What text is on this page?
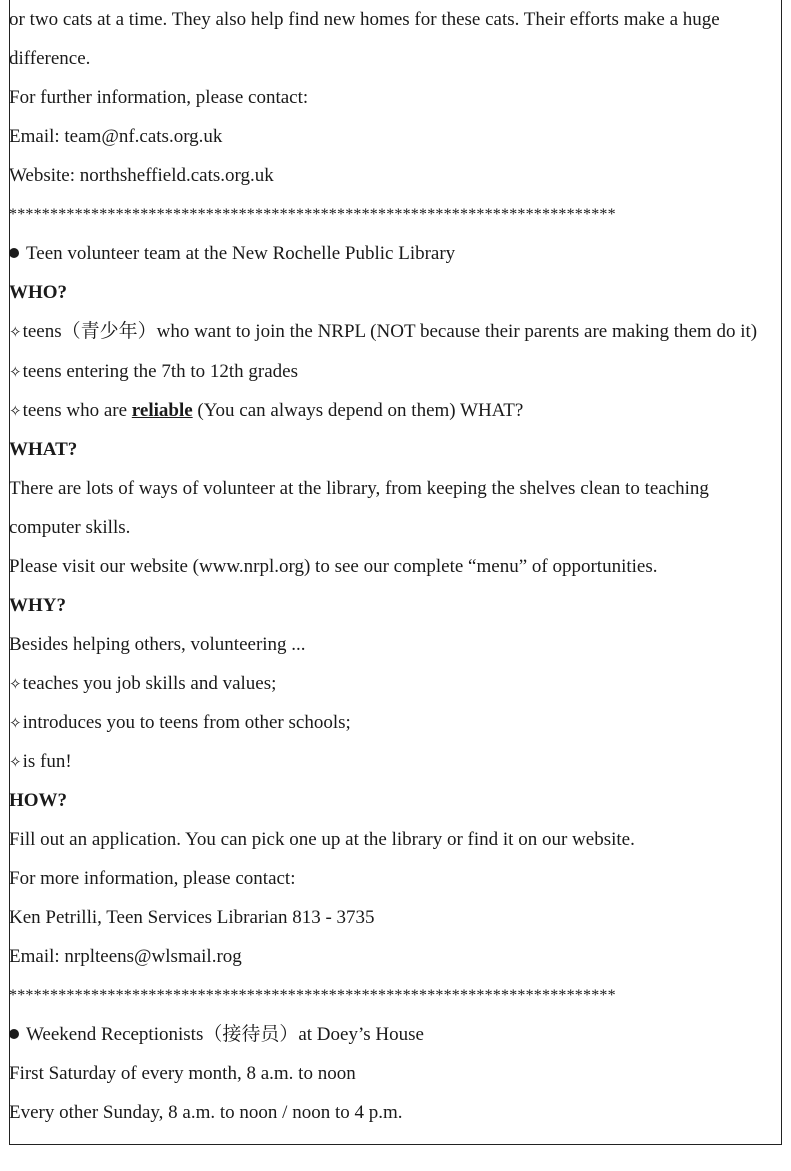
or two cats at a time. They also help find new homes for these cats. Their efforts make a huge
difference.
For further information, please contact:
Email: team@nf.cats.org.uk
Website: northsheffield.cats.org.uk
**************************************************************************
Teen volunteer team at the New Rochelle Public Library
WHO?
✧teens（青少年）who want to join the NRPL (NOT because their parents are making them do it)
✧teens entering the 7th to 12th grades
✧teens who are reliable (You can always depend on them) WHAT?
WHAT?
There are lots of ways of volunteer at the library, from keeping the shelves clean to teaching
computer skills.
Please visit our website (www.nrpl.org) to see our complete “menu” of opportunities.
WHY?
Besides helping others, volunteering ...
✧teaches you job skills and values;
✧introduces you to teens from other schools;
✧is fun!
HOW?
Fill out an application. You can pick one up at the library or find it on our website.
For more information, please contact:
Ken Petrilli, Teen Services Librarian 813 - 3735
Email: nrplteens@wlsmail.rog
**************************************************************************
Weekend Receptionists（接待员）at Doey’s House
First Saturday of every month, 8 a.m. to noon
Every other Sunday, 8 a.m. to noon / noon to 4 p.m.
